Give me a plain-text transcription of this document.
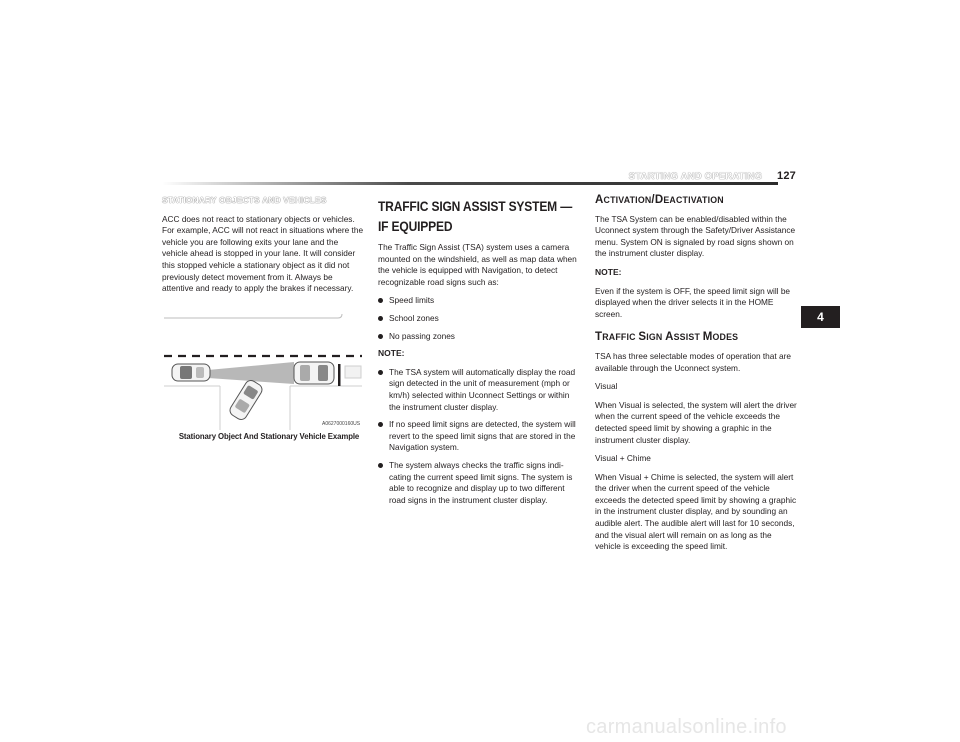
STARTING AND OPERATING 127
4

STATIONARY OBJECTS AND VEHICLES

ACC does not react to stationary objects or vehicles. For example, ACC will not react in situations where the vehicle you are following exits your lane and the vehicle ahead is stopped in your lane. It will consider this stopped vehicle a stationary object as it did not previously detect movement from it. Always be attentive and ready to apply the brakes if necessary.

A0627000160US
Stationary Object And Stationary Vehicle Example
TRAFFIC SIGN ASSIST SYSTEM —
IF EQUIPPED

The Traffic Sign Assist (TSA) system uses a camera mounted on the windshield, as well as map data when the vehicle is equipped with Navigation, to detect recognizable road signs such as:

Speed limits
School zones
No passing zones

NOTE:

The TSA system will automatically display the road sign detected in the unit of measurement (mph or km/h) selected within Uconnect Settings or within the instrument cluster display.
If no speed limit signs are detected, the system will revert to the speed limit signs that are stored in the Navigation system.
The system always checks the traffic signs indi-cating the current speed limit signs. The system is able to recognize and display up to two different road signs in the instrument cluster display.

ACTIVATION/DEACTIVATION

The TSA System can be enabled/disabled within the Uconnect system through the Safety/Driver Assistance menu. System ON is signaled by road signs shown on the instrument cluster display.

NOTE:

Even if the system is OFF, the speed limit sign will be displayed when the driver selects it in the HOME screen.

TRAFFIC SIGN ASSIST MODES

TSA has three selectable modes of operation that are available through the Uconnect system.

Visual

When Visual is selected, the system will alert the driver when the current speed of the vehicle exceeds the detected speed limit by showing a graphic in the instrument cluster display.

Visual + Chime

When Visual + Chime is selected, the system will alert the driver when the current speed of the vehicle exceeds the detected speed limit by showing a graphic in the instrument cluster display, and by sounding an audible alert. The audible alert will last for 10 seconds, and the visual alert will remain on as long as the vehicle is exceeding the speed limit.

carmanualsonline.info
